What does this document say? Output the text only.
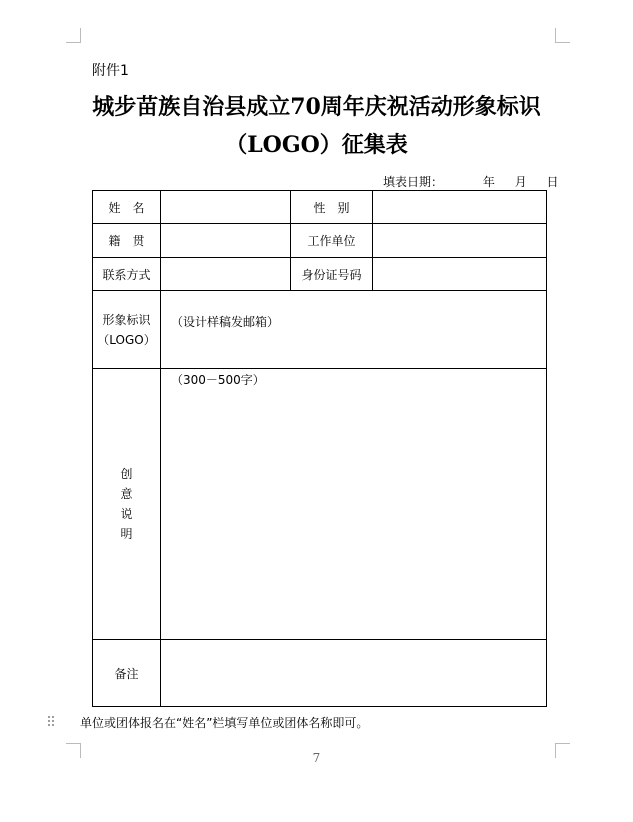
附件1
城步苗族自治县成立70周年庆祝活动形象标识
（LOGO）征集表
填表日期：	年 月 日
姓　名		性　别	
籍　贯		工作单位	
联系方式		身份证号码	

形象标识
（LOGO）	（设计样稿发邮箱）		

创
意
说
明	（300－500字）		
备注			
单位或团体报名在“姓名”栏填写单位或团体名称即可。
7
